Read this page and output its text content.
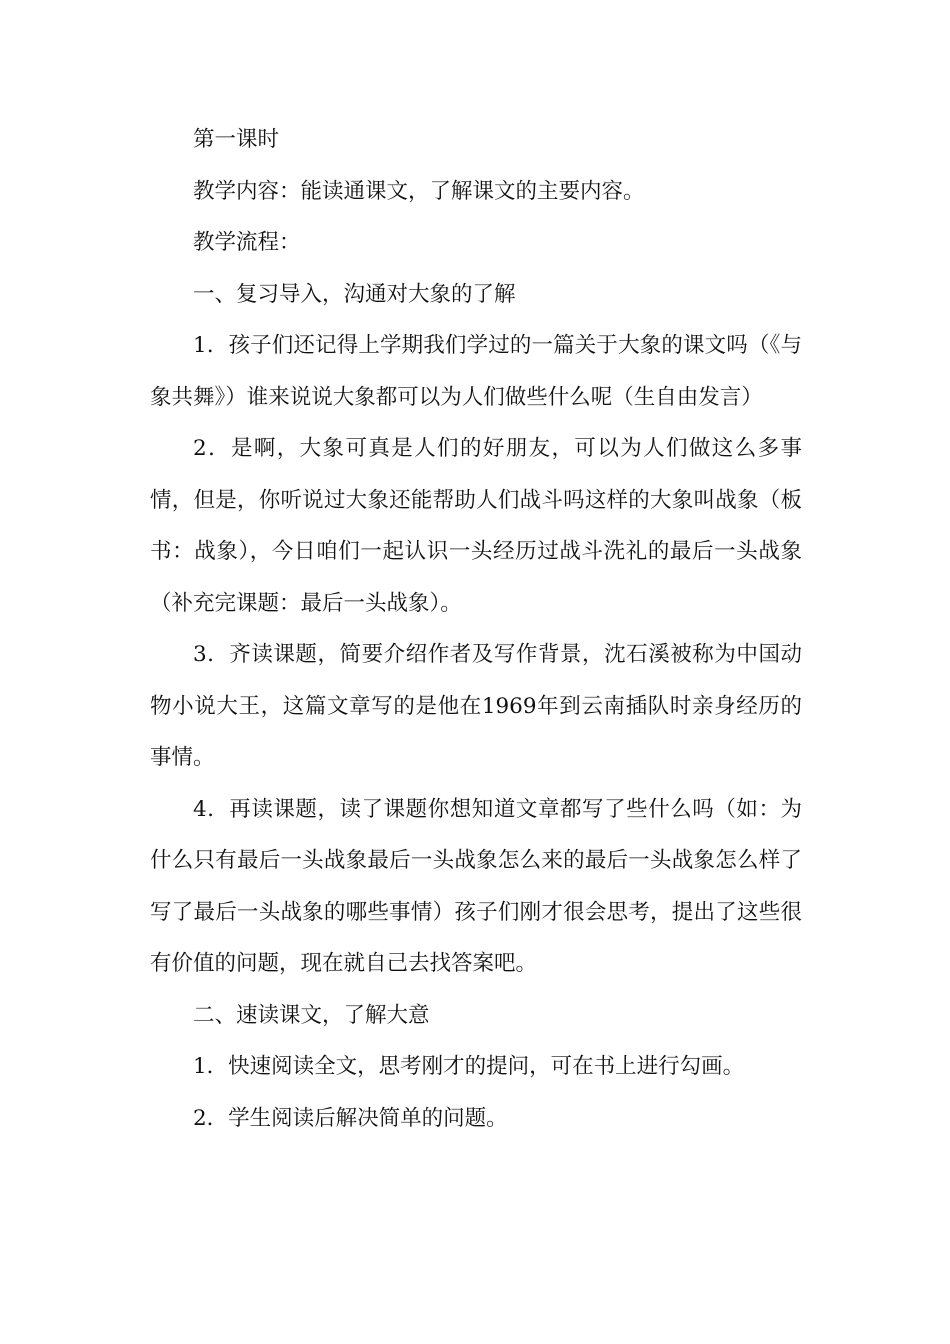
第一课时

教学内容：能读通课文，了解课文的主要内容。

教学流程：

一、复习导入，沟通对大象的了解

1．孩子们还记得上学期我们学过的一篇关于大象的课文吗（《与象共舞》）谁来说说大象都可以为人们做些什么呢（生自由发言）

2．是啊，大象可真是人们的好朋友，可以为人们做这么多事情，但是，你听说过大象还能帮助人们战斗吗这样的大象叫战象（板书：战象），今日咱们一起认识一头经历过战斗洗礼的最后一头战象（补充完课题：最后一头战象）。

3．齐读课题，简要介绍作者及写作背景，沈石溪被称为中国动物小说大王，这篇文章写的是他在1969年到云南插队时亲身经历的事情。

4．再读课题，读了课题你想知道文章都写了些什么吗（如：为什么只有最后一头战象最后一头战象怎么来的最后一头战象怎么样了写了最后一头战象的哪些事情）孩子们刚才很会思考，提出了这些很有价值的问题，现在就自己去找答案吧。

二、速读课文，了解大意

1．快速阅读全文，思考刚才的提问，可在书上进行勾画。

2．学生阅读后解决简单的问题。
